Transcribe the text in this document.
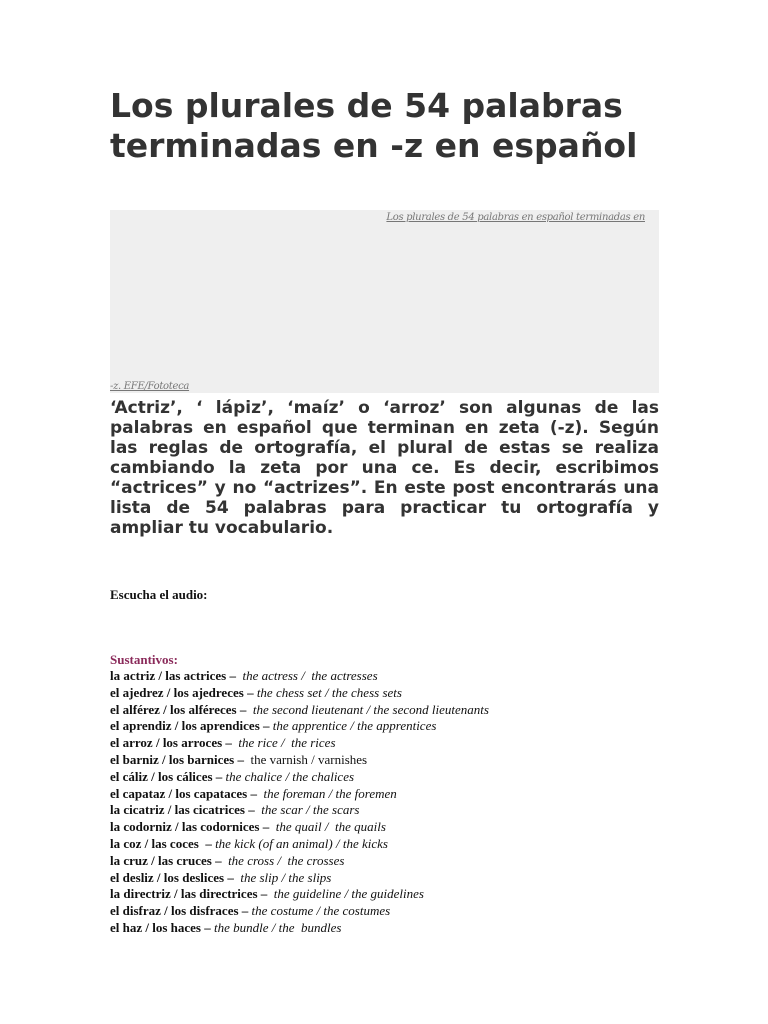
Los plurales de 54 palabras terminadas en -z en español
Los plurales de 54 palabras en español terminadas en
-z. EFE/Fototeca

‘Actriz’, ‘ lápiz’, ‘maíz’ o ‘arroz’ son algunas de las palabras en español que terminan en zeta (-z). Según las reglas de ortografía, el plural de estas se realiza cambiando la zeta por una ce. Es decir, escribimos “actrices” y no “actrizes”. En este post encontrarás una lista de 54 palabras para practicar tu ortografía y ampliar tu vocabulario.

Escucha el audio:

Sustantivos:

la actriz / las actrices –  the actress /  the actresses
el ajedrez / los ajedreces – the chess set / the chess sets
el alférez / los alféreces –  the second lieutenant / the second lieutenants
el aprendiz / los aprendices – the apprentice / the apprentices
el arroz / los arroces –  the rice /  the rices
el barniz / los barnices –  the varnish / varnishes
el cáliz / los cálices – the chalice / the chalices
el capataz / los capataces –  the foreman / the foremen
la cicatriz / las cicatrices –  the scar / the scars
la codorniz / las codornices –  the quail /  the quails
la coz / las coces  – the kick (of an animal) / the kicks
la cruz / las cruces –  the cross /  the crosses
el desliz / los deslices –  the slip / the slips
la directriz / las directrices –  the guideline / the guidelines
el disfraz / los disfraces – the costume / the costumes
el haz / los haces – the bundle / the  bundles
